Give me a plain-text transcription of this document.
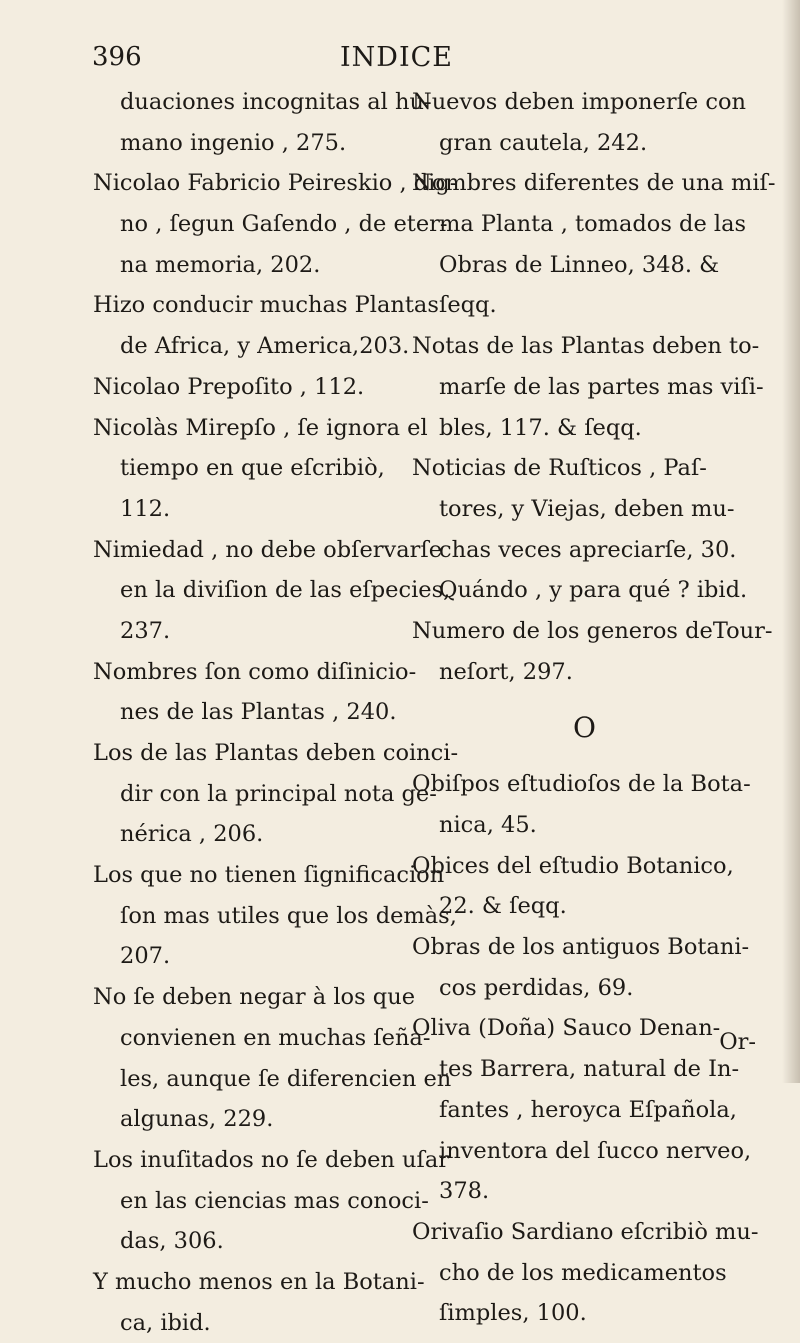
396	INDICE
duaciones incognitas al hu-
mano ingenio , 275.
Nicolao Fabricio Peireskio , dig-
no , ſegun Gaſendo , de eter-
na memoria, 202.
Hizo conducir muchas Plantas
de Africa, y America,203.
Nicolao Prepoſito , 112.
Nicolàs Mirepſo , ſe ignora el
tiempo en que eſcribiò,
112.
Nimiedad , no debe obſervarſe
en la diviſion de las eſpecies,
237.
Nombres ſon como diſinicio-
nes de las Plantas , 240.
Los de las Plantas deben coinci-
dir con la principal nota ge-
nérica , 206.
Los que no tienen ſignificacion
ſon mas utiles que los demàs,
207.
No ſe deben negar à los que
convienen en muchas ſeña-
les, aunque ſe diferencien en
algunas, 229.
Los inuſitados no ſe deben uſar
en las ciencias mas conoci-
das, 306.
Y mucho menos en la Botani-
ca, ibid.
Nuevos deben imponerſe con
gran cautela, 242.
Nombres diferentes de una miſ-
ma Planta , tomados de las
Obras de Linneo, 348. &
ſeqq.
Notas de las Plantas deben to-
marſe de las partes mas viſi-
bles, 117. & ſeqq.
Noticias de Ruſticos , Paſ-
tores, y Viejas, deben mu-
chas veces apreciarſe, 30.
Quándo , y para qué ? ibid.
Numero de los generos deTour-
neſort, 297.
O
Obiſpos eſtudioſos de la Bota-
nica, 45.
Obices del eſtudio Botanico,
22. & ſeqq.
Obras de los antiguos Botani-
cos perdidas, 69.
Oliva (Doña) Sauco Denan-
tes Barrera, natural de In-
fantes , heroyca Eſpañola,
inventora del ſucco nerveo,
378.
Orivaſio Sardiano eſcribiò mu-
cho de los medicamentos
ſimples, 100.
Or-
